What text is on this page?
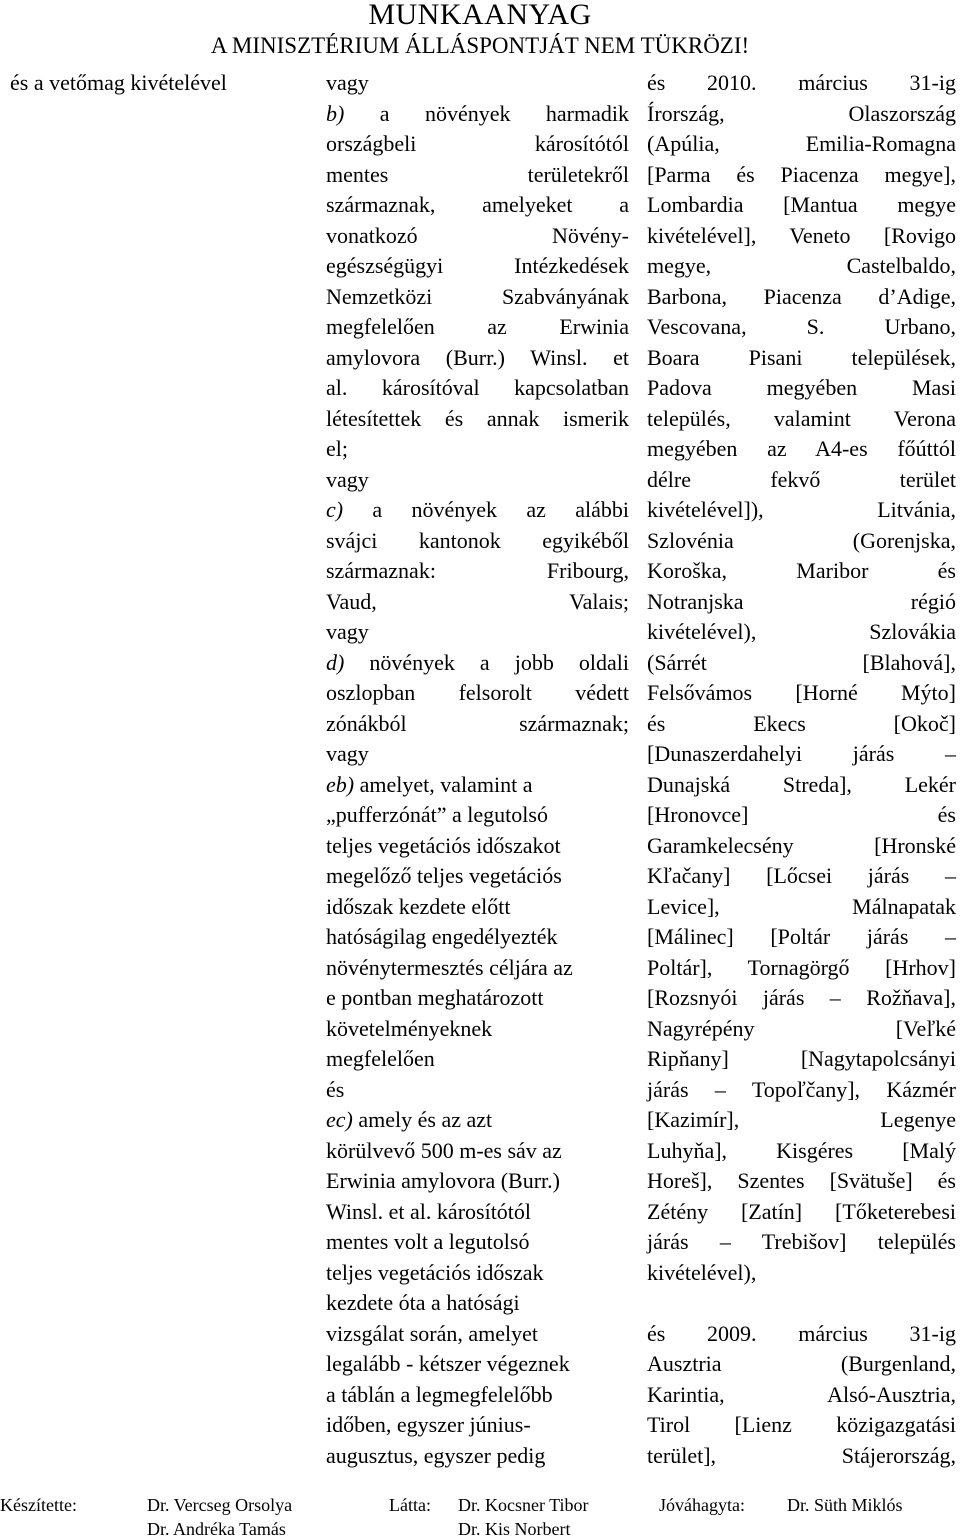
MUNKAANYAG
A MINISZTÉRIUM ÁLLÁSPONTJÁT NEM TÜKRÖZI!
és a vetőmag kivételével	vagy
b) a növények harmadik
országbeli károsítótól
mentes területekről
származnak, amelyeket a
vonatkozó Növény-
egészségügyi Intézkedések
Nemzetközi Szabványának
megfelelően az Erwinia
amylovora (Burr.) Winsl. et
al. károsítóval kapcsolatban
létesítettek és annak ismerik
el;
vagy
c) a növények az alábbi
svájci kantonok egyikéből
származnak: Fribourg,
Vaud, Valais;
vagy
d) növények a jobb oldali
oszlopban felsorolt védett
zónákból származnak;
vagy
eb) amelyet, valamint a
„pufferzónát” a legutolsó
teljes vegetációs időszakot
megelőző teljes vegetációs
időszak kezdete előtt
hatóságilag engedélyezték
növénytermesztés céljára az
e pontban meghatározott
követelményeknek
megfelelően
és
ec) amely és az azt
körülvevő 500 m-es sáv az
Erwinia amylovora (Burr.)
Winsl. et al. károsítótól
mentes volt a legutolsó
teljes vegetációs időszak
kezdete óta a hatósági
vizsgálat során, amelyet
legalább - kétszer végeznek
a táblán a legmegfelelőbb
időben, egyszer június-
augusztus, egyszer pedig
és 2010. március 31-ig
Írország, Olaszország
(Apúlia, Emilia-Romagna
[Parma és Piacenza megye],
Lombardia [Mantua megye
kivételével], Veneto [Rovigo
megye, Castelbaldo,
Barbona, Piacenza d’Adige,
Vescovana, S. Urbano,
Boara Pisani települések,
Padova megyében Masi
település, valamint Verona
megyében az A4-es főúttól
délre fekvő terület
kivételével]), Litvánia,
Szlovénia (Gorenjska,
Koroška, Maribor és
Notranjska régió
kivételével), Szlovákia
(Sárrét [Blahová],
Felsővámos [Horné Mýto]
és Ekecs [Okoč]
[Dunaszerdahelyi járás –
Dunajská Streda], Lekér
[Hronovce] és
Garamkelecsény [Hronské
Kľačany] [Lőcsei járás –
Levice], Málnapatak
[Málinec] [Poltár járás –
Poltár], Tornagörgő [Hrhov]
[Rozsnyói járás – Rožňava],
Nagyrépény [Veľké
Ripňany] [Nagytapolcsányi
járás – Topoľčany], Kázmér
[Kazimír], Legenye
Luhyňa], Kisgéres [Malý
Horeš], Szentes [Svätuše] és
Zétény [Zatín] [Tőketerebesi
járás – Trebišov] település
kivételével),
és 2009. március 31-ig
Ausztria (Burgenland,
Karintia, Alsó-Ausztria,
Tirol [Lienz közigazgatási
terület], Stájerország,
Készítette:	Dr. Vercseg Orsolya
Dr. Andréka Tamás
Látta: Dr. Kocsner Tibor
Dr. Kis Norbert
Jóváhagyta: Dr. Süth Miklós
